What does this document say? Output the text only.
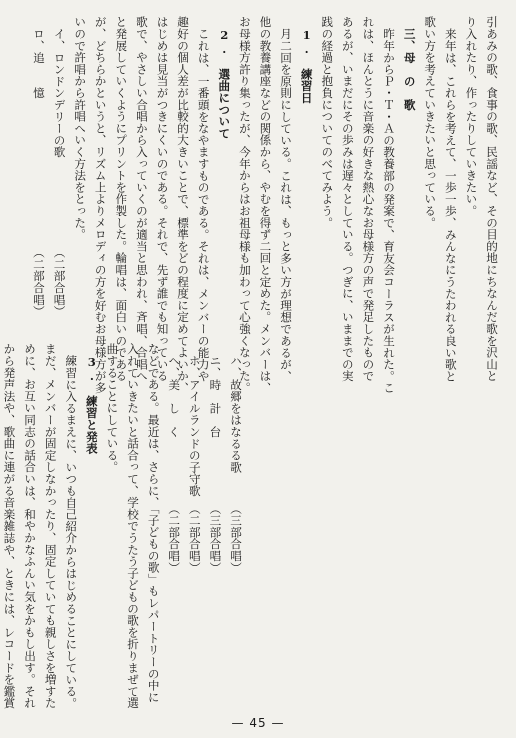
引あみの歌、食事の歌、民謡など、その目的地にちなんだ歌を沢山と
り入れたり、作ったりしていきたい。
来年は、これらを考えて、一歩一歩、みんなにうたわれる良い歌と
歌い方を考えていきたいと思っている。
三、母　の　歌
昨年からＰ・Ｔ・Ａの教養部の発案で、育友会コーラスが生れた。こ
れは、ほんとうに音楽の好きな熱心なお母様方の声で発足したもので
あるが、いまだにその歩みは遅々としている。つぎに、いままでの実
践の経過と抱負についてのべてみよう。
1.　練習日
月二回を原則にしている。これは、もっと多い方が理想であるが、
他の教養講座などの関係から、やむを得ず二回と定めた。メンバーは、
お母様方許り集ったが、今年からはお祖母様も加わって心強くなった。
2.　選曲について
これは、一番頭をなやますものである。それは、メンバーの能力や
趣好の個人差が比較的大きいことで、標準をどの程度に定めてよいか、
はじめは見当がつきにくいのである。それで、先ず誰でも知っている
歌で、やさしい合唱から入っていくのが適当と思われ、斉唱、合唱へ
と発展していくようにプリントを作製した。輪唱は、面白いのである
が、どちらかというと、リズム上よりメロディの方を好むお母様方が多
いので許唱から許唱へいく方法をとった。
イ、ロンドンデリーの歌　　　　　　　　（二部合唱）
ロ、追　　憶　　　　　　　　　　　　　（二部合唱）
ハ、故郷をはなるる歌　　　（三部合唱）
ニ、時　計　台　　　　　　（三部合唱）
ホ、アイルランドの子守歌　（二部合唱）
ヘ、美　し　く　　　　　　（二部合唱）
などである。最近は、さらに、「子どもの歌」もレパートリーの中に
入れていきたいと話合って、学校でうたう子どもの歌を折りまぜて選
曲することにしている。
3.　練習と発表
練習に入るまえに、いつも自己紹介からはじめることにしている。
まだ、メンバーが固定しなかったり、固定していても親しさを増すた
めに、お互い同志の話合いは、和やかなふんい気をかもし出す。それ
から発声法や、歌曲に連がる音楽雑誌や、ときには、レコードを鑑賞
— 45 —
